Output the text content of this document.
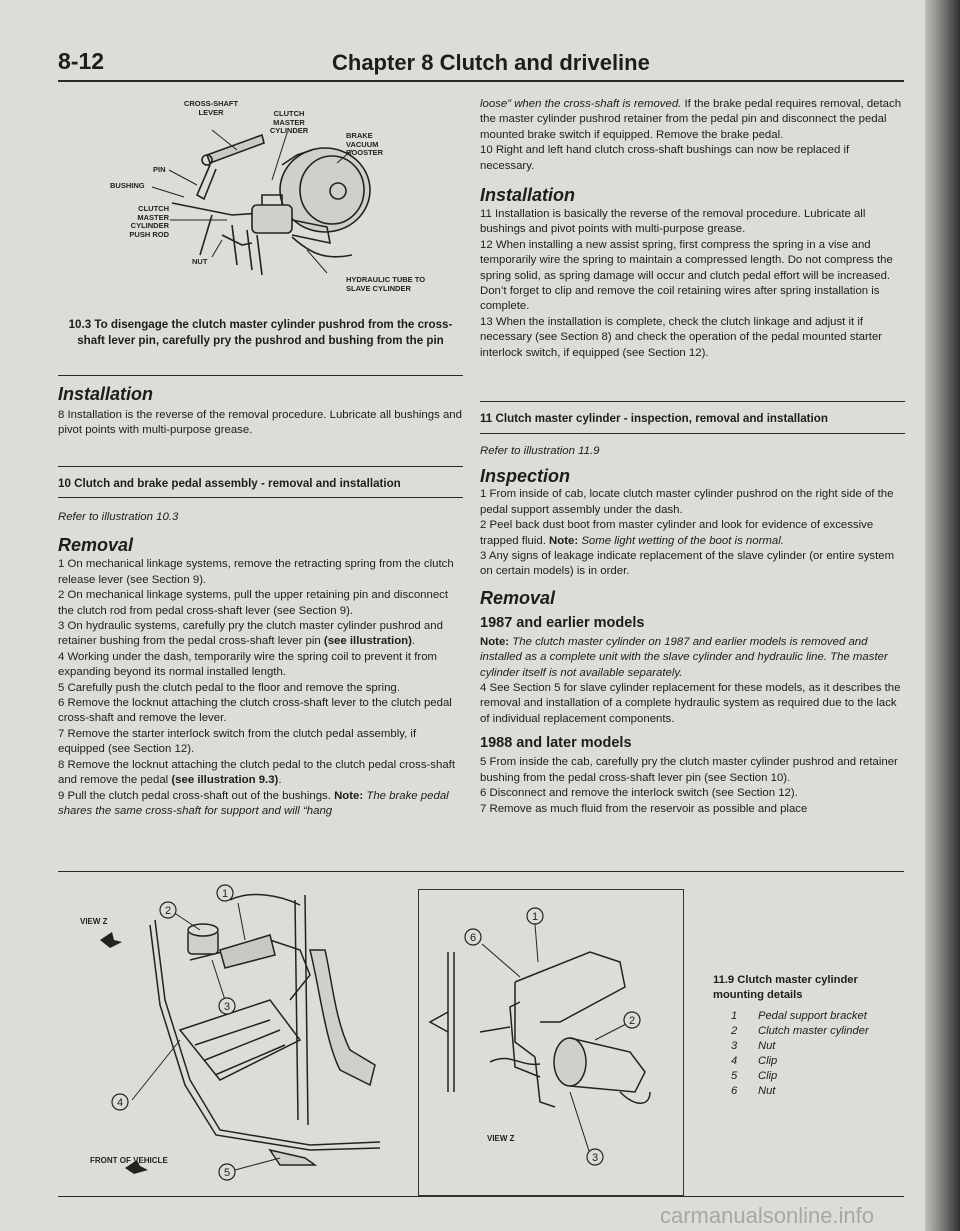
8-12	Chapter 8 Clutch and driveline
CROSS-SHAFT LEVER	CLUTCH MASTER CYLINDER
BRAKE VACUUM BOOSTER
PIN
BUSHING
CLUTCH MASTER CYLINDER PUSH ROD
NUT
HYDRAULIC TUBE TO SLAVE CYLINDER
10.3 To disengage the clutch master cylinder pushrod from the cross-shaft lever pin, carefully pry the pushrod and bushing from the pin

Installation

8 Installation is the reverse of the removal procedure. Lubricate all bushings and pivot points with multi-purpose grease.

10 Clutch and brake pedal assembly - removal and installation

Refer to illustration 10.3

Removal

1 On mechanical linkage systems, remove the retracting spring from the clutch release lever (see Section 9).

2 On mechanical linkage systems, pull the upper retaining pin and disconnect the clutch rod from pedal cross-shaft lever (see Section 9).

3 On hydraulic systems, carefully pry the clutch master cylinder pushrod and retainer bushing from the pedal cross-shaft lever pin (see illustration).

4 Working under the dash, temporarily wire the spring coil to prevent it from expanding beyond its normal installed length.

5 Carefully push the clutch pedal to the floor and remove the spring.

6 Remove the locknut attaching the clutch cross-shaft lever to the clutch pedal cross-shaft and remove the lever.

7 Remove the starter interlock switch from the clutch pedal assembly, if equipped (see Section 12).

8 Remove the locknut attaching the clutch pedal to the clutch pedal cross-shaft and remove the pedal (see illustration 9.3).

9 Pull the clutch pedal cross-shaft out of the bushings. Note: The brake pedal shares the same cross-shaft for support and will “hang

loose” when the cross-shaft is removed. If the brake pedal requires removal, detach the master cylinder pushrod retainer from the pedal pin and disconnect the pedal mounted brake switch if equipped. Remove the brake pedal.

10 Right and left hand clutch cross-shaft bushings can now be replaced if necessary.

Installation

11 Installation is basically the reverse of the removal procedure. Lubricate all bushings and pivot points with multi-purpose grease.

12 When installing a new assist spring, first compress the spring in a vise and temporarily wire the spring to maintain a compressed length. Do not compress the spring solid, as spring damage will occur and clutch pedal effort will be increased. Don’t forget to clip and remove the coil retaining wires after spring installation is complete.

13 When the installation is complete, check the clutch linkage and adjust it if necessary (see Section 8) and check the operation of the pedal mounted starter interlock switch, if equipped (see Section 12).

11 Clutch master cylinder - inspection, removal and installation

Refer to illustration 11.9

Inspection

1 From inside of cab, locate clutch master cylinder pushrod on the right side of the pedal support assembly under the dash.

2 Peel back dust boot from master cylinder and look for evidence of excessive trapped fluid. Note: Some light wetting of the boot is normal.

3 Any signs of leakage indicate replacement of the slave cylinder (or entire system on certain models) is in order.

Removal

1987 and earlier models

Note: The clutch master cylinder on 1987 and earlier models is removed and installed as a complete unit with the slave cylinder and hydraulic line. The master cylinder itself is not available separately.

4 See Section 5 for slave cylinder replacement for these models, as it describes the removal and installation of a complete hydraulic system as required due to the lack of individual replacement components.

1988 and later models

5 From inside the cab, carefully pry the clutch master cylinder pushrod and retainer bushing from the pedal cross-shaft lever pin (see Section 10).

6 Disconnect and remove the interlock switch (see Section 12).

7 Remove as much fluid from the reservoir as possible and place

2
1
3
4
5
VIEW Z
FRONT OF VEHICLE
6
1
2
3
VIEW Z
11.9 Clutch master cylinder mounting details
1 Pedal support bracket
2 Clutch master cylinder
3 Nut
4 Clip
5 Clip
6 Nut
carmanualsonline.info
